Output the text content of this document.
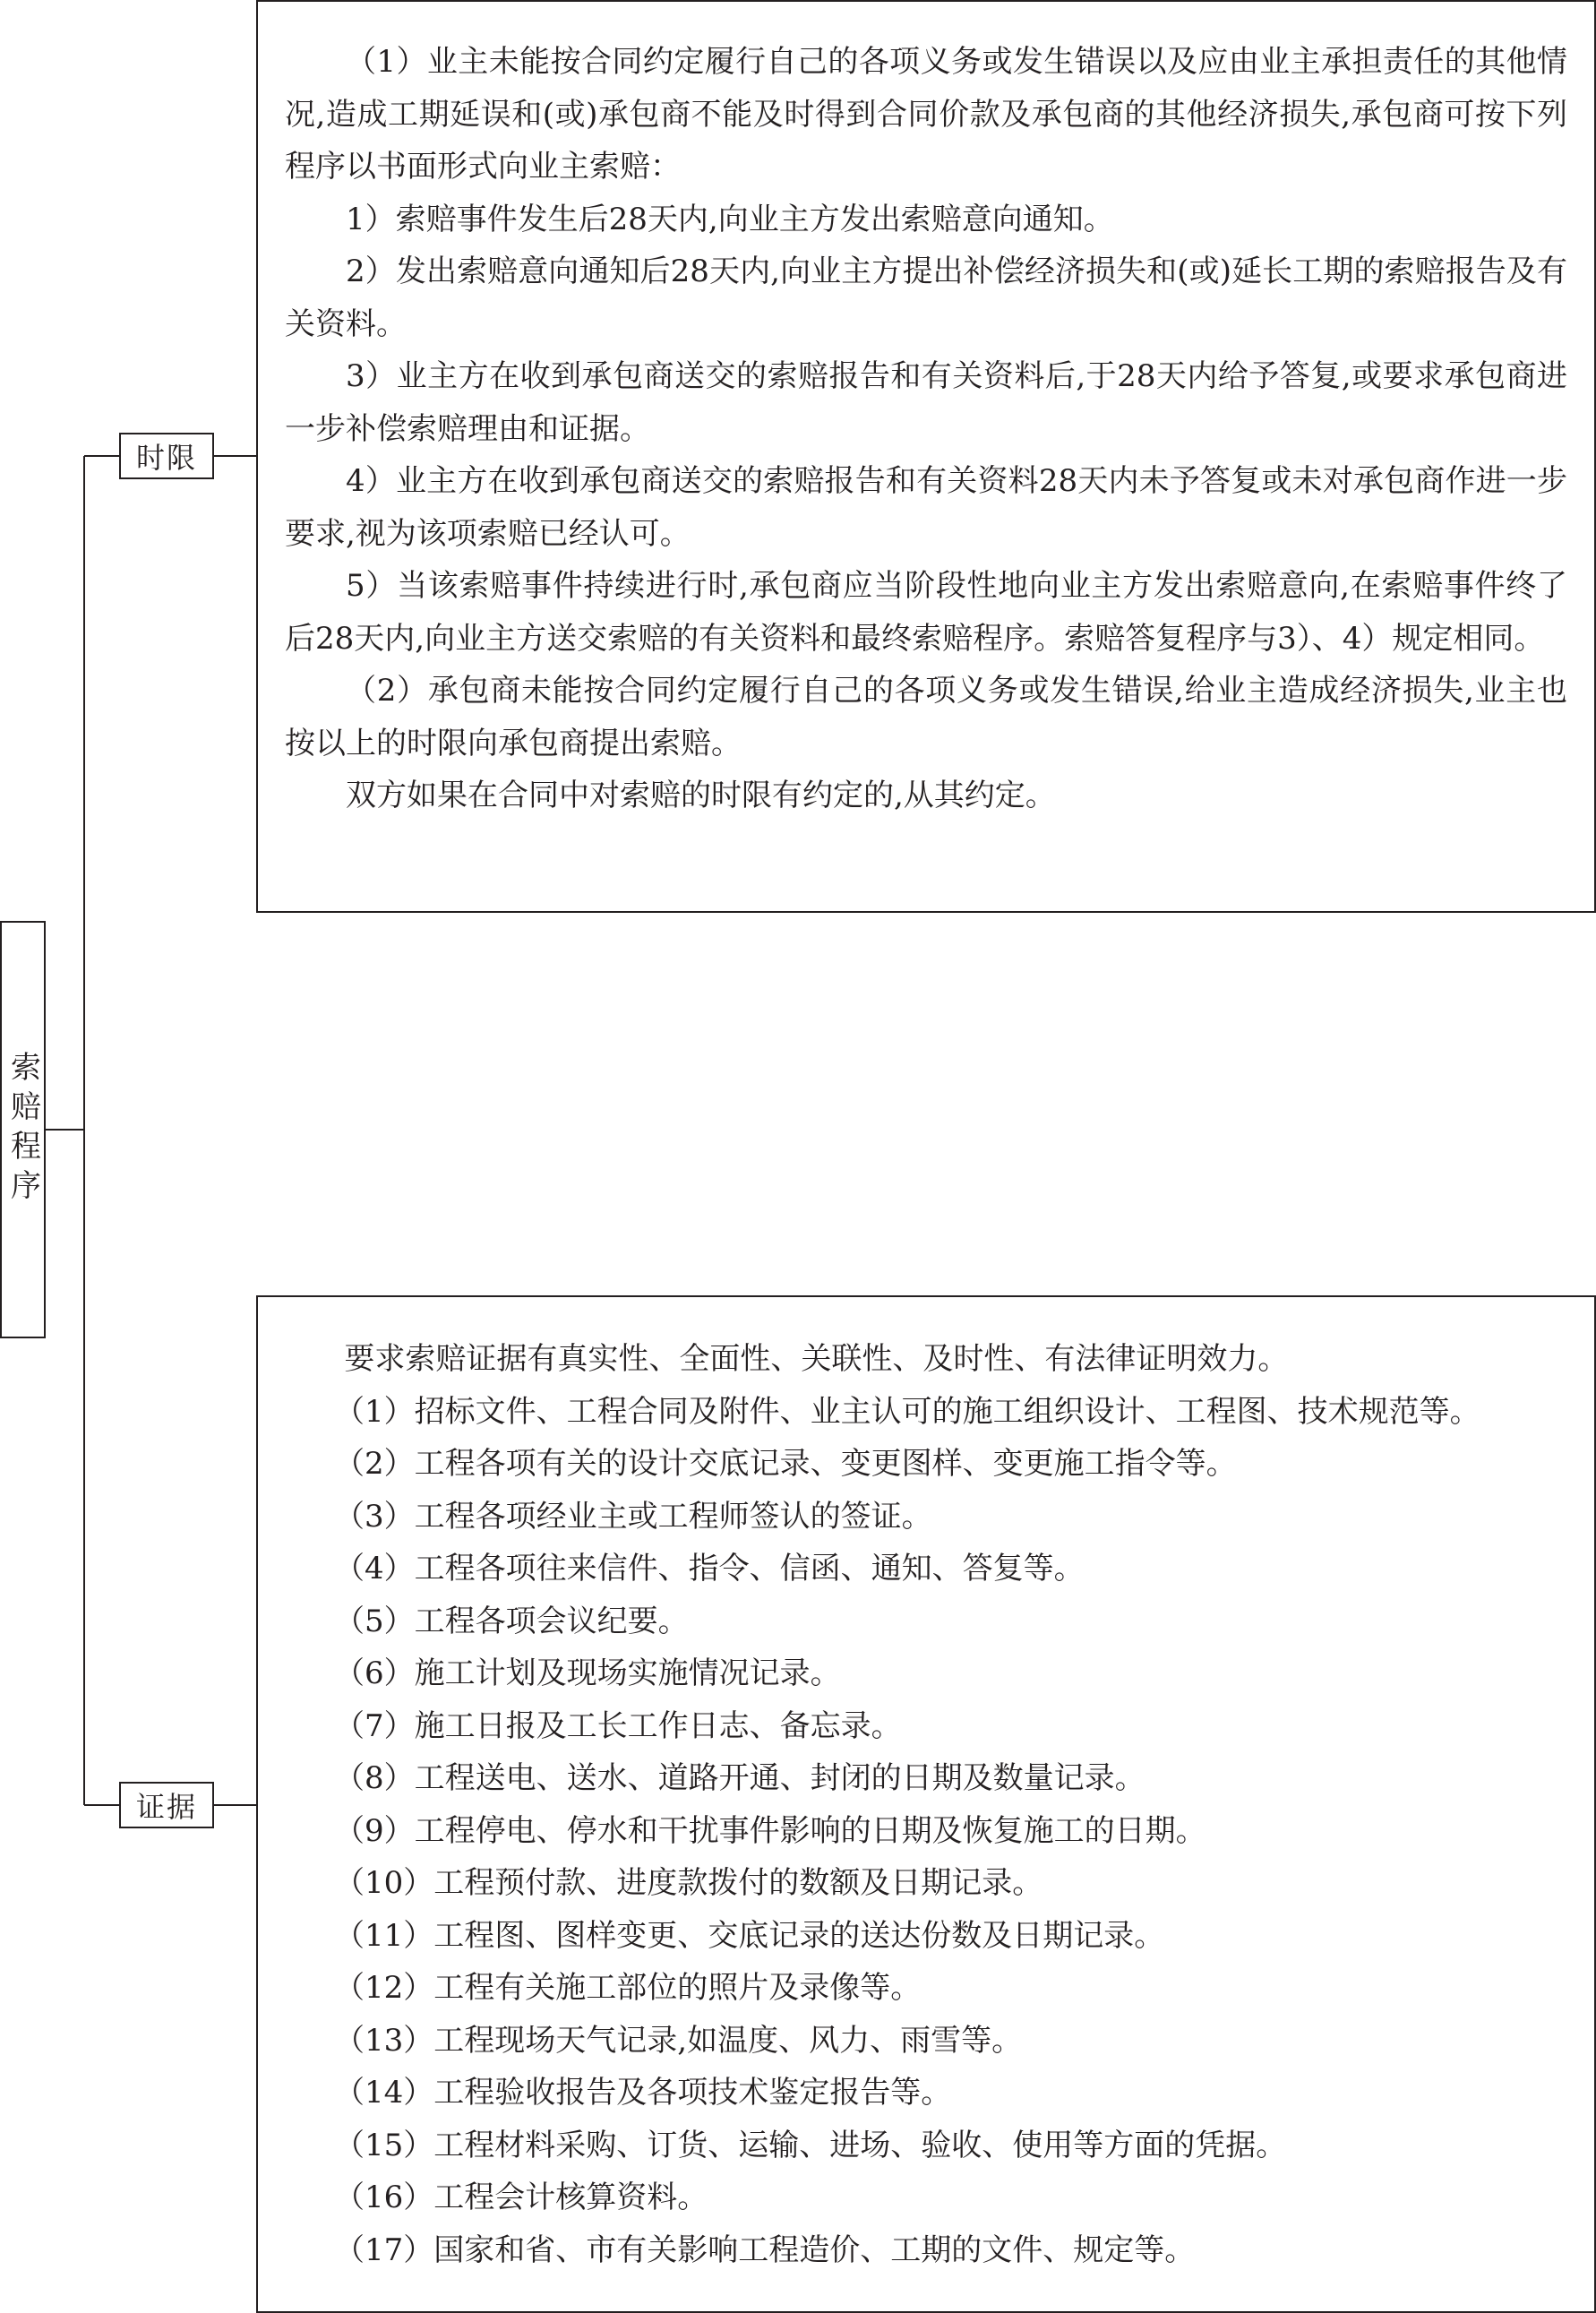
索赔程序
时限
证据

（1）业主未能按合同约定履行自己的各项义务或发生错误以及应由业主承担责任的其他情况,造成工期延误和(或)承包商不能及时得到合同价款及承包商的其他经济损失,承包商可按下列程序以书面形式向业主索赔：

1）索赔事件发生后28天内,向业主方发出索赔意向通知。

2）发出索赔意向通知后28天内,向业主方提出补偿经济损失和(或)延长工期的索赔报告及有关资料。

3）业主方在收到承包商送交的索赔报告和有关资料后,于28天内给予答复,或要求承包商进一步补偿索赔理由和证据。

4）业主方在收到承包商送交的索赔报告和有关资料28天内未予答复或未对承包商作进一步要求,视为该项索赔已经认可。

5）当该索赔事件持续进行时,承包商应当阶段性地向业主方发出索赔意向,在索赔事件终了后28天内,向业主方送交索赔的有关资料和最终索赔程序。索赔答复程序与3）、4）规定相同。

（2）承包商未能按合同约定履行自己的各项义务或发生错误,给业主造成经济损失,业主也按以上的时限向承包商提出索赔。

双方如果在合同中对索赔的时限有约定的,从其约定。

要求索赔证据有真实性、全面性、关联性、及时性、有法律证明效力。

（1）招标文件、工程合同及附件、业主认可的施工组织设计、工程图、技术规范等。

（2）工程各项有关的设计交底记录、变更图样、变更施工指令等。

（3）工程各项经业主或工程师签认的签证。

（4）工程各项往来信件、指令、信函、通知、答复等。

（5）工程各项会议纪要。

（6）施工计划及现场实施情况记录。

（7）施工日报及工长工作日志、备忘录。

（8）工程送电、送水、道路开通、封闭的日期及数量记录。

（9）工程停电、停水和干扰事件影响的日期及恢复施工的日期。

（10）工程预付款、进度款拨付的数额及日期记录。

（11）工程图、图样变更、交底记录的送达份数及日期记录。

（12）工程有关施工部位的照片及录像等。

（13）工程现场天气记录,如温度、风力、雨雪等。

（14）工程验收报告及各项技术鉴定报告等。

（15）工程材料采购、订货、运输、进场、验收、使用等方面的凭据。

（16）工程会计核算资料。

（17）国家和省、市有关影响工程造价、工期的文件、规定等。
